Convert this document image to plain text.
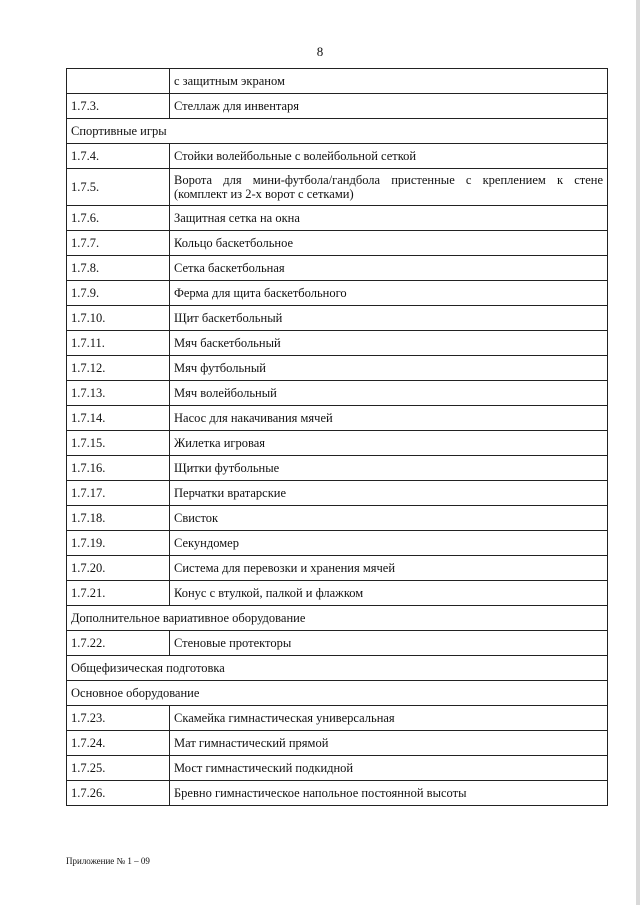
8
	с защитным экраном
1.7.3.	Стеллаж для инвентаря
Спортивные игры	
1.7.4.	Стойки волейбольные с волейбольной сеткой
1.7.5.	Ворота для мини-футбола/гандбола пристенные с креплением к стене (комплект из 2-х ворот с сетками)
1.7.6.	Защитная сетка на окна
1.7.7.	Кольцо баскетбольное
1.7.8.	Сетка баскетбольная
1.7.9.	Ферма для щита баскетбольного
1.7.10.	Щит баскетбольный
1.7.11.	Мяч баскетбольный
1.7.12.	Мяч футбольный
1.7.13.	Мяч волейбольный
1.7.14.	Насос для накачивания мячей
1.7.15.	Жилетка игровая
1.7.16.	Щитки футбольные
1.7.17.	Перчатки вратарские
1.7.18.	Свисток
1.7.19.	Секундомер
1.7.20.	Система для перевозки и хранения мячей
1.7.21.	Конус с втулкой, палкой и флажком
Дополнительное вариативное оборудование	
1.7.22.	Стеновые протекторы
Общефизическая подготовка	
Основное оборудование	
1.7.23.	Скамейка гимнастическая универсальная
1.7.24.	Мат гимнастический прямой
1.7.25.	Мост гимнастический подкидной
1.7.26.	Бревно гимнастическое напольное постоянной высоты
Приложение № 1 – 09
